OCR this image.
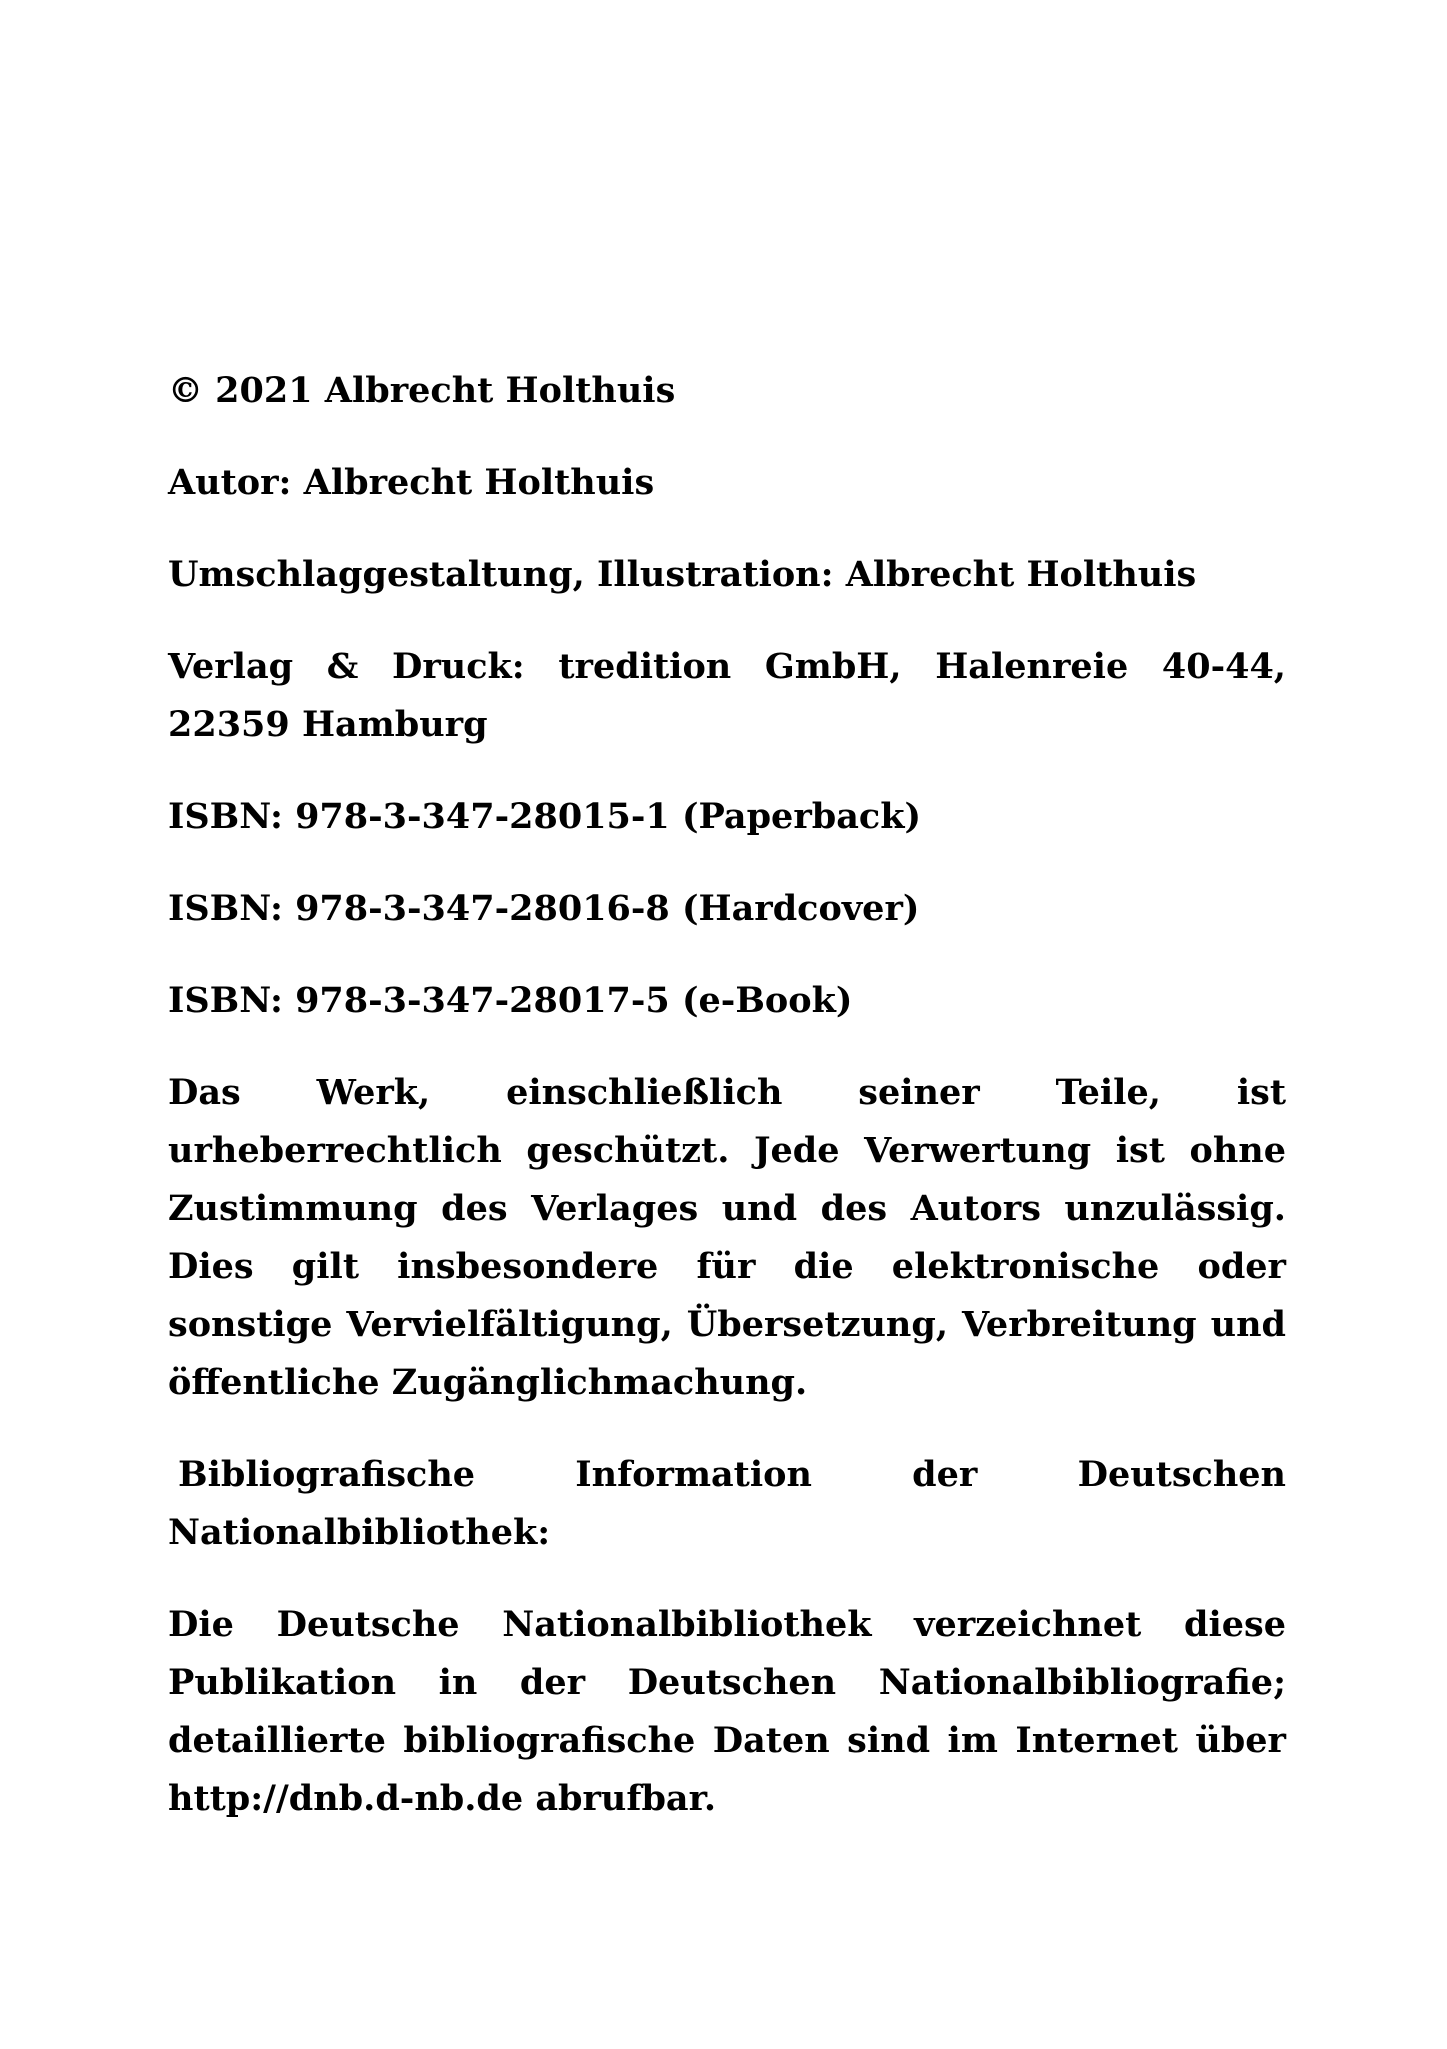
© 2021 Albrecht Holthuis

Autor: Albrecht Holthuis

Umschlaggestaltung, Illustration: Albrecht Holthuis

Verlag & Druck: tredition GmbH, Halenreie 40-44, 22359 Hamburg

ISBN: 978-3-347-28015-1 (Paperback)

ISBN: 978-3-347-28016-8 (Hardcover)

ISBN: 978-3-347-28017-5 (e-Book)

Das Werk, einschließlich seiner Teile, ist urheberrechtlich geschützt. Jede Verwertung ist ohne Zustimmung des Verlages und des Autors unzulässig. Dies gilt insbesondere für die elektronische oder sonstige Vervielfältigung, Übersetzung, Verbreitung und öffentliche Zugänglichmachung.

Bibliografische Information der Deutschen Nationalbibliothek:

Die Deutsche Nationalbibliothek verzeichnet diese Publikation in der Deutschen Nationalbibliografie; detaillierte bibliografische Daten sind im Internet über http://dnb.d-nb.de abrufbar.
